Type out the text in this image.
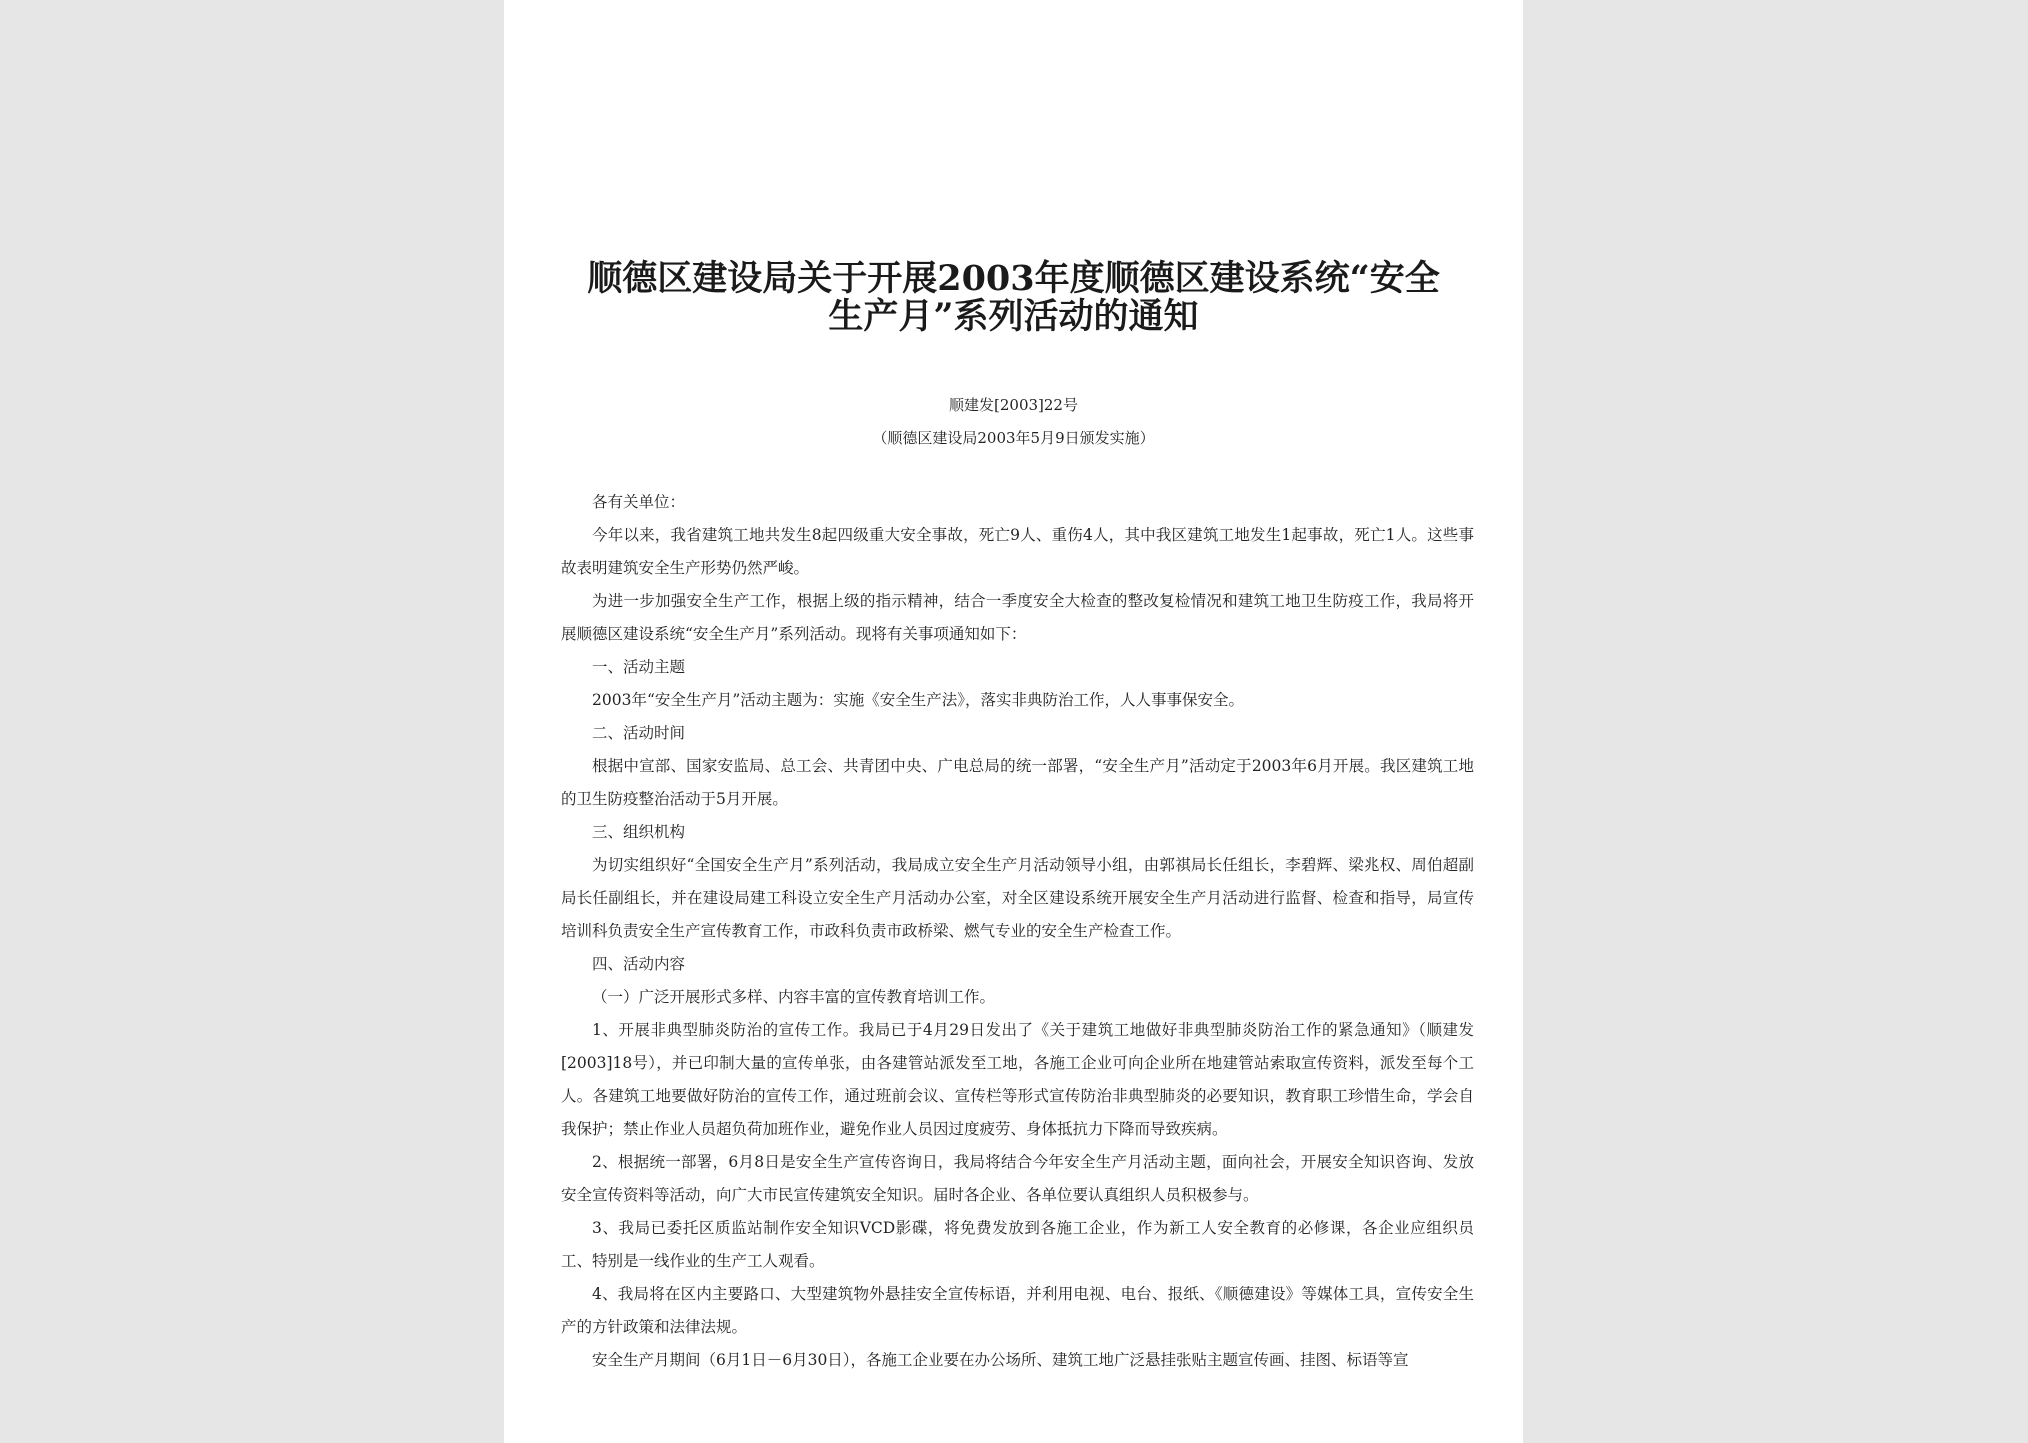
顺德区建设局关于开展2003年度顺德区建设系统“安全
生产月”系列活动的通知
顺建发[2003]22号
（顺德区建设局2003年5月9日颁发实施）

各有关单位：

今年以来，我省建筑工地共发生8起四级重大安全事故，死亡9人、重伤4人，其中我区建筑工地发生1起事故，死亡1人。这些事故表明建筑安全生产形势仍然严峻。

为进一步加强安全生产工作，根据上级的指示精神，结合一季度安全大检查的整改复检情况和建筑工地卫生防疫工作，我局将开展顺德区建设系统“安全生产月”系列活动。现将有关事项通知如下：

一、活动主题

2003年“安全生产月”活动主题为：实施《安全生产法》，落实非典防治工作，人人事事保安全。

二、活动时间

根据中宣部、国家安监局、总工会、共青团中央、广电总局的统一部署，“安全生产月”活动定于2003年6月开展。我区建筑工地的卫生防疫整治活动于5月开展。

三、组织机构

为切实组织好“全国安全生产月”系列活动，我局成立安全生产月活动领导小组，由郭祺局长任组长，李碧辉、梁兆权、周伯超副局长任副组长，并在建设局建工科设立安全生产月活动办公室，对全区建设系统开展安全生产月活动进行监督、检查和指导，局宣传培训科负责安全生产宣传教育工作，市政科负责市政桥梁、燃气专业的安全生产检查工作。

四、活动内容

（一）广泛开展形式多样、内容丰富的宣传教育培训工作。

1、开展非典型肺炎防治的宣传工作。我局已于4月29日发出了《关于建筑工地做好非典型肺炎防治工作的紧急通知》（顺建发[2003]18号），并已印制大量的宣传单张，由各建管站派发至工地，各施工企业可向企业所在地建管站索取宣传资料，派发至每个工人。各建筑工地要做好防治的宣传工作，通过班前会议、宣传栏等形式宣传防治非典型肺炎的必要知识，教育职工珍惜生命，学会自我保护；禁止作业人员超负荷加班作业，避免作业人员因过度疲劳、身体抵抗力下降而导致疾病。

2、根据统一部署，6月8日是安全生产宣传咨询日，我局将结合今年安全生产月活动主题，面向社会，开展安全知识咨询、发放安全宣传资料等活动，向广大市民宣传建筑安全知识。届时各企业、各单位要认真组织人员积极参与。

3、我局已委托区质监站制作安全知识VCD影碟，将免费发放到各施工企业，作为新工人安全教育的必修课，各企业应组织员工、特别是一线作业的生产工人观看。

4、我局将在区内主要路口、大型建筑物外悬挂安全宣传标语，并利用电视、电台、报纸、《顺德建设》等媒体工具，宣传安全生产的方针政策和法律法规。

安全生产月期间（6月1日－6月30日），各施工企业要在办公场所、建筑工地广泛悬挂张贴主题宣传画、挂图、标语等宣
